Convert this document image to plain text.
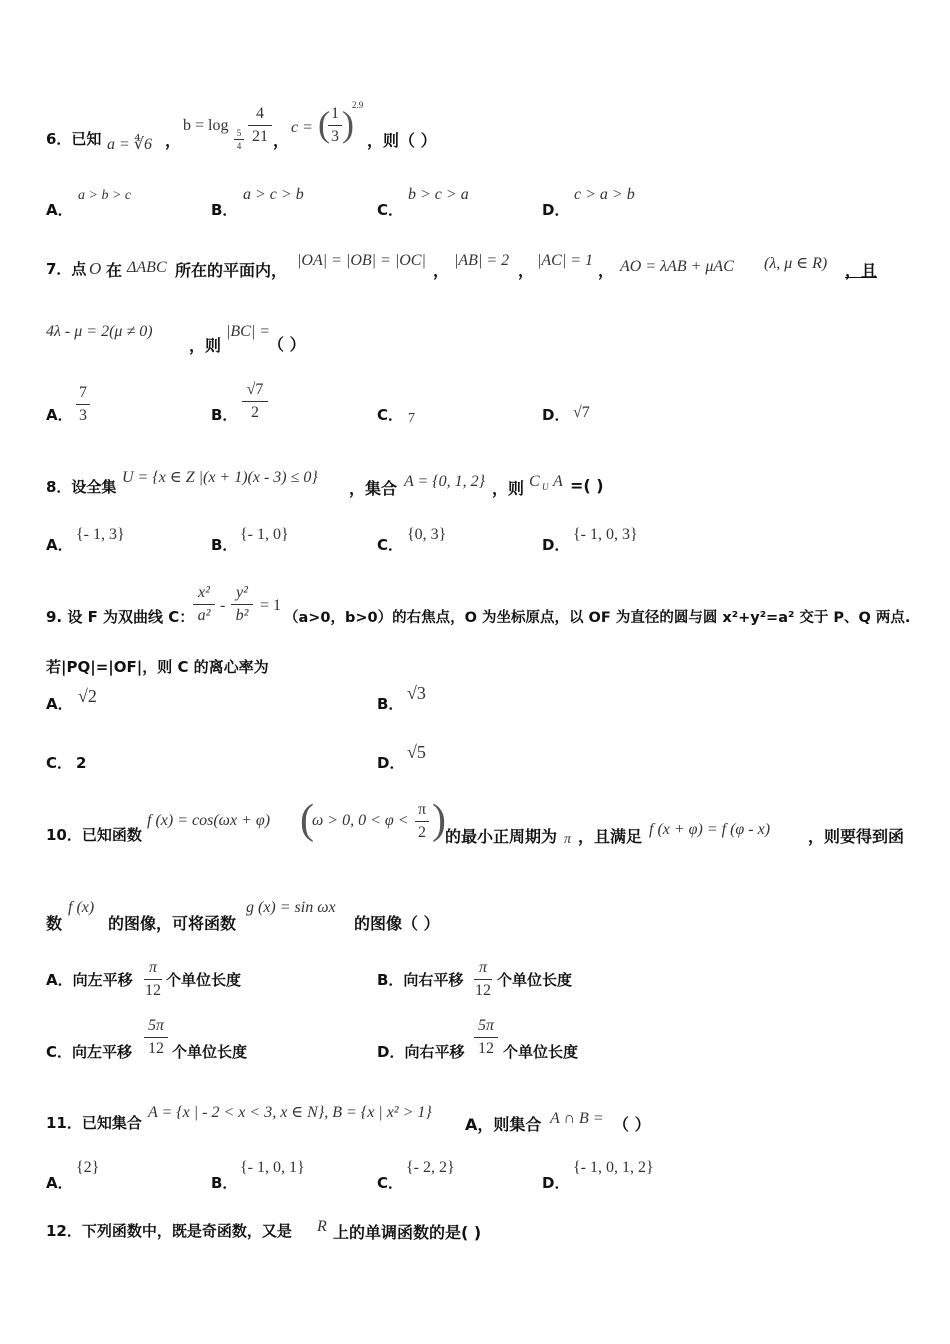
6．已知 a = ∜6 ，
b = log 5
4
4
21 ，
c = ( 1
3 )
2.9
，则（ ）
A．
a > b > c
B．
a > c > b
C．
b > c > a
D．
c > a > b
7．点 O 在 ΔABC 所在的平面内，
|OA| = |OB| = |OC|
，
|AB| = 2
，
|AC| = 1
， AO = λAB + μAC (λ, μ ∈ R) ，且
4λ - μ = 2(μ ≠ 0)
，则
|BC| =
（ ）
A．
7
3	B．
√7
2	C． 7	D． √7
8．设全集
U = {x ∈ Z |(x + 1)(x - 3) ≤ 0}
，集合 A = {0, 1, 2} ，则 C U A =( )
A．
{- 1, 3}
B．
{- 1, 0}
C．
{0, 3}
D．
{- 1, 0, 3}
9. 设 F 为双曲线 C：
x²
a²
-
y²
b²
= 1
（a>0，b>0）的右焦点，O 为坐标原点，以 OF 为直径的圆与圆 x²+y²=a² 交于 P、Q 两点.
若|PQ|=|OF|，则 C 的离心率为
A． √2	B．
√3
C． 2	D．
√5
10．已知函数
f (x) = cos(ωx + φ) (
ω > 0, 0 < φ <
π
2 ) 的最小正周期为 π ，且满足 f (x + φ) = f (φ - x) ，则要得到函
数
f (x)
的图像，可将函数
g (x) = sin ωx
的图像（ ）
A．向左平移
π
12
个单位长度	B．向右平移
π
12
个单位长度
C．向左平移
5π
12 个单位长度	D．向右平移
5π
12 个单位长度
11．已知集合
A = {x | - 2 < x < 3, x ∈ N}, B = {x | x² > 1}
A，则集合 A ∩ B = （ ）
A．
{2}
B．
{- 1, 0, 1}
C．
{- 2, 2}
D．
{- 1, 0, 1, 2}
12．下列函数中，既是奇函数，又是 R 上的单调函数的是( )
